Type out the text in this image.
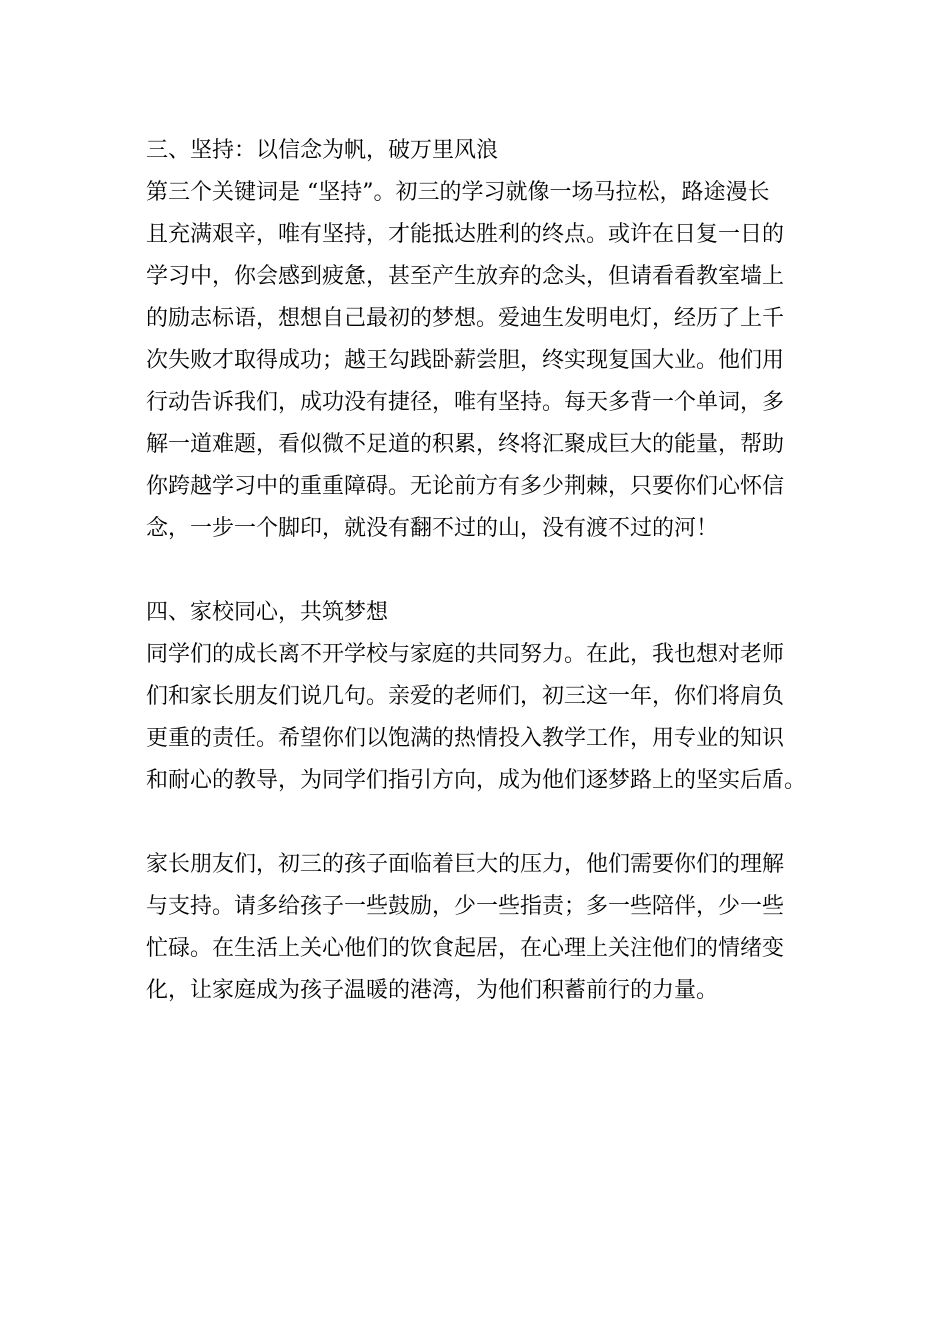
三、坚持：以信念为帆，破万里风浪
第三个关键词是 “坚持”。初三的学习就像一场马拉松，路途漫长
且充满艰辛，唯有坚持，才能抵达胜利的终点。或许在日复一日的
学习中，你会感到疲惫，甚至产生放弃的念头，但请看看教室墙上
的励志标语，想想自己最初的梦想。爱迪生发明电灯，经历了上千
次失败才取得成功；越王勾践卧薪尝胆，终实现复国大业。他们用
行动告诉我们，成功没有捷径，唯有坚持。每天多背一个单词，多
解一道难题，看似微不足道的积累，终将汇聚成巨大的能量，帮助
你跨越学习中的重重障碍。无论前方有多少荆棘，只要你们心怀信
念，一步一个脚印，就没有翻不过的山，没有渡不过的河！
四、家校同心，共筑梦想
同学们的成长离不开学校与家庭的共同努力。在此，我也想对老师
们和家长朋友们说几句。亲爱的老师们，初三这一年，你们将肩负
更重的责任。希望你们以饱满的热情投入教学工作，用专业的知识
和耐心的教导，为同学们指引方向，成为他们逐梦路上的坚实后盾。
家长朋友们，初三的孩子面临着巨大的压力，他们需要你们的理解
与支持。请多给孩子一些鼓励，少一些指责；多一些陪伴，少一些
忙碌。在生活上关心他们的饮食起居，在心理上关注他们的情绪变
化，让家庭成为孩子温暖的港湾，为他们积蓄前行的力量。
